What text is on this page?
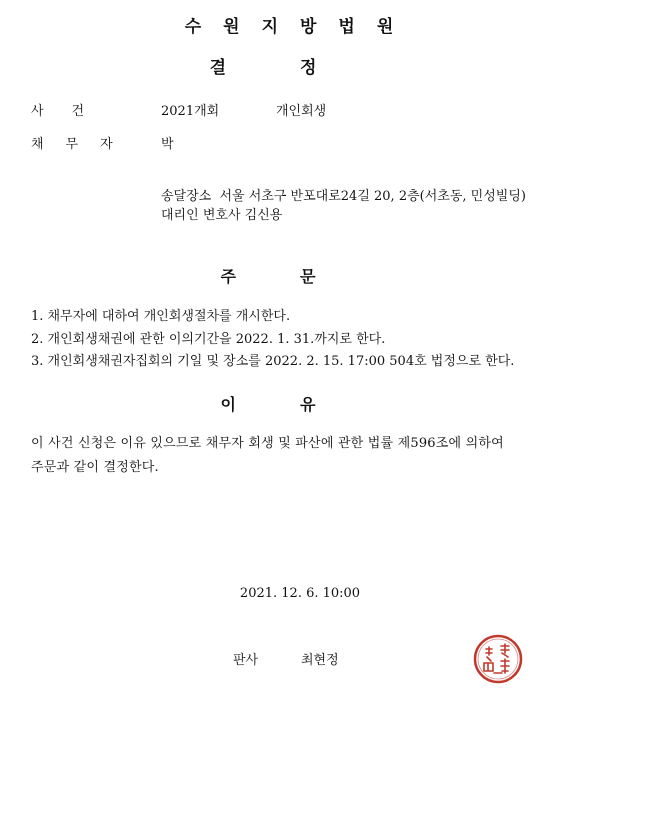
수원지방법원
결정
사건	2021개회	개인회생
채무자 박
송달장소 서울 서초구 반포대로24길 20, 2층(서초동, 민성빌딩)
대리인 변호사 김신용
주문
1. 채무자에 대하여 개인회생절차를 개시한다.
2. 개인회생채권에 관한 이의기간을 2022. 1. 31.까지로 한다.
3. 개인회생채권자집회의 기일 및 장소를 2022. 2. 15. 17:00 504호 법정으로 한다.
이유
이 사건 신청은 이유 있으므로 채무자 회생 및 파산에 관한 법률 제596조에 의하여
주문과 같이 결정한다.
2021. 12. 6. 10:00
판사	최현정
